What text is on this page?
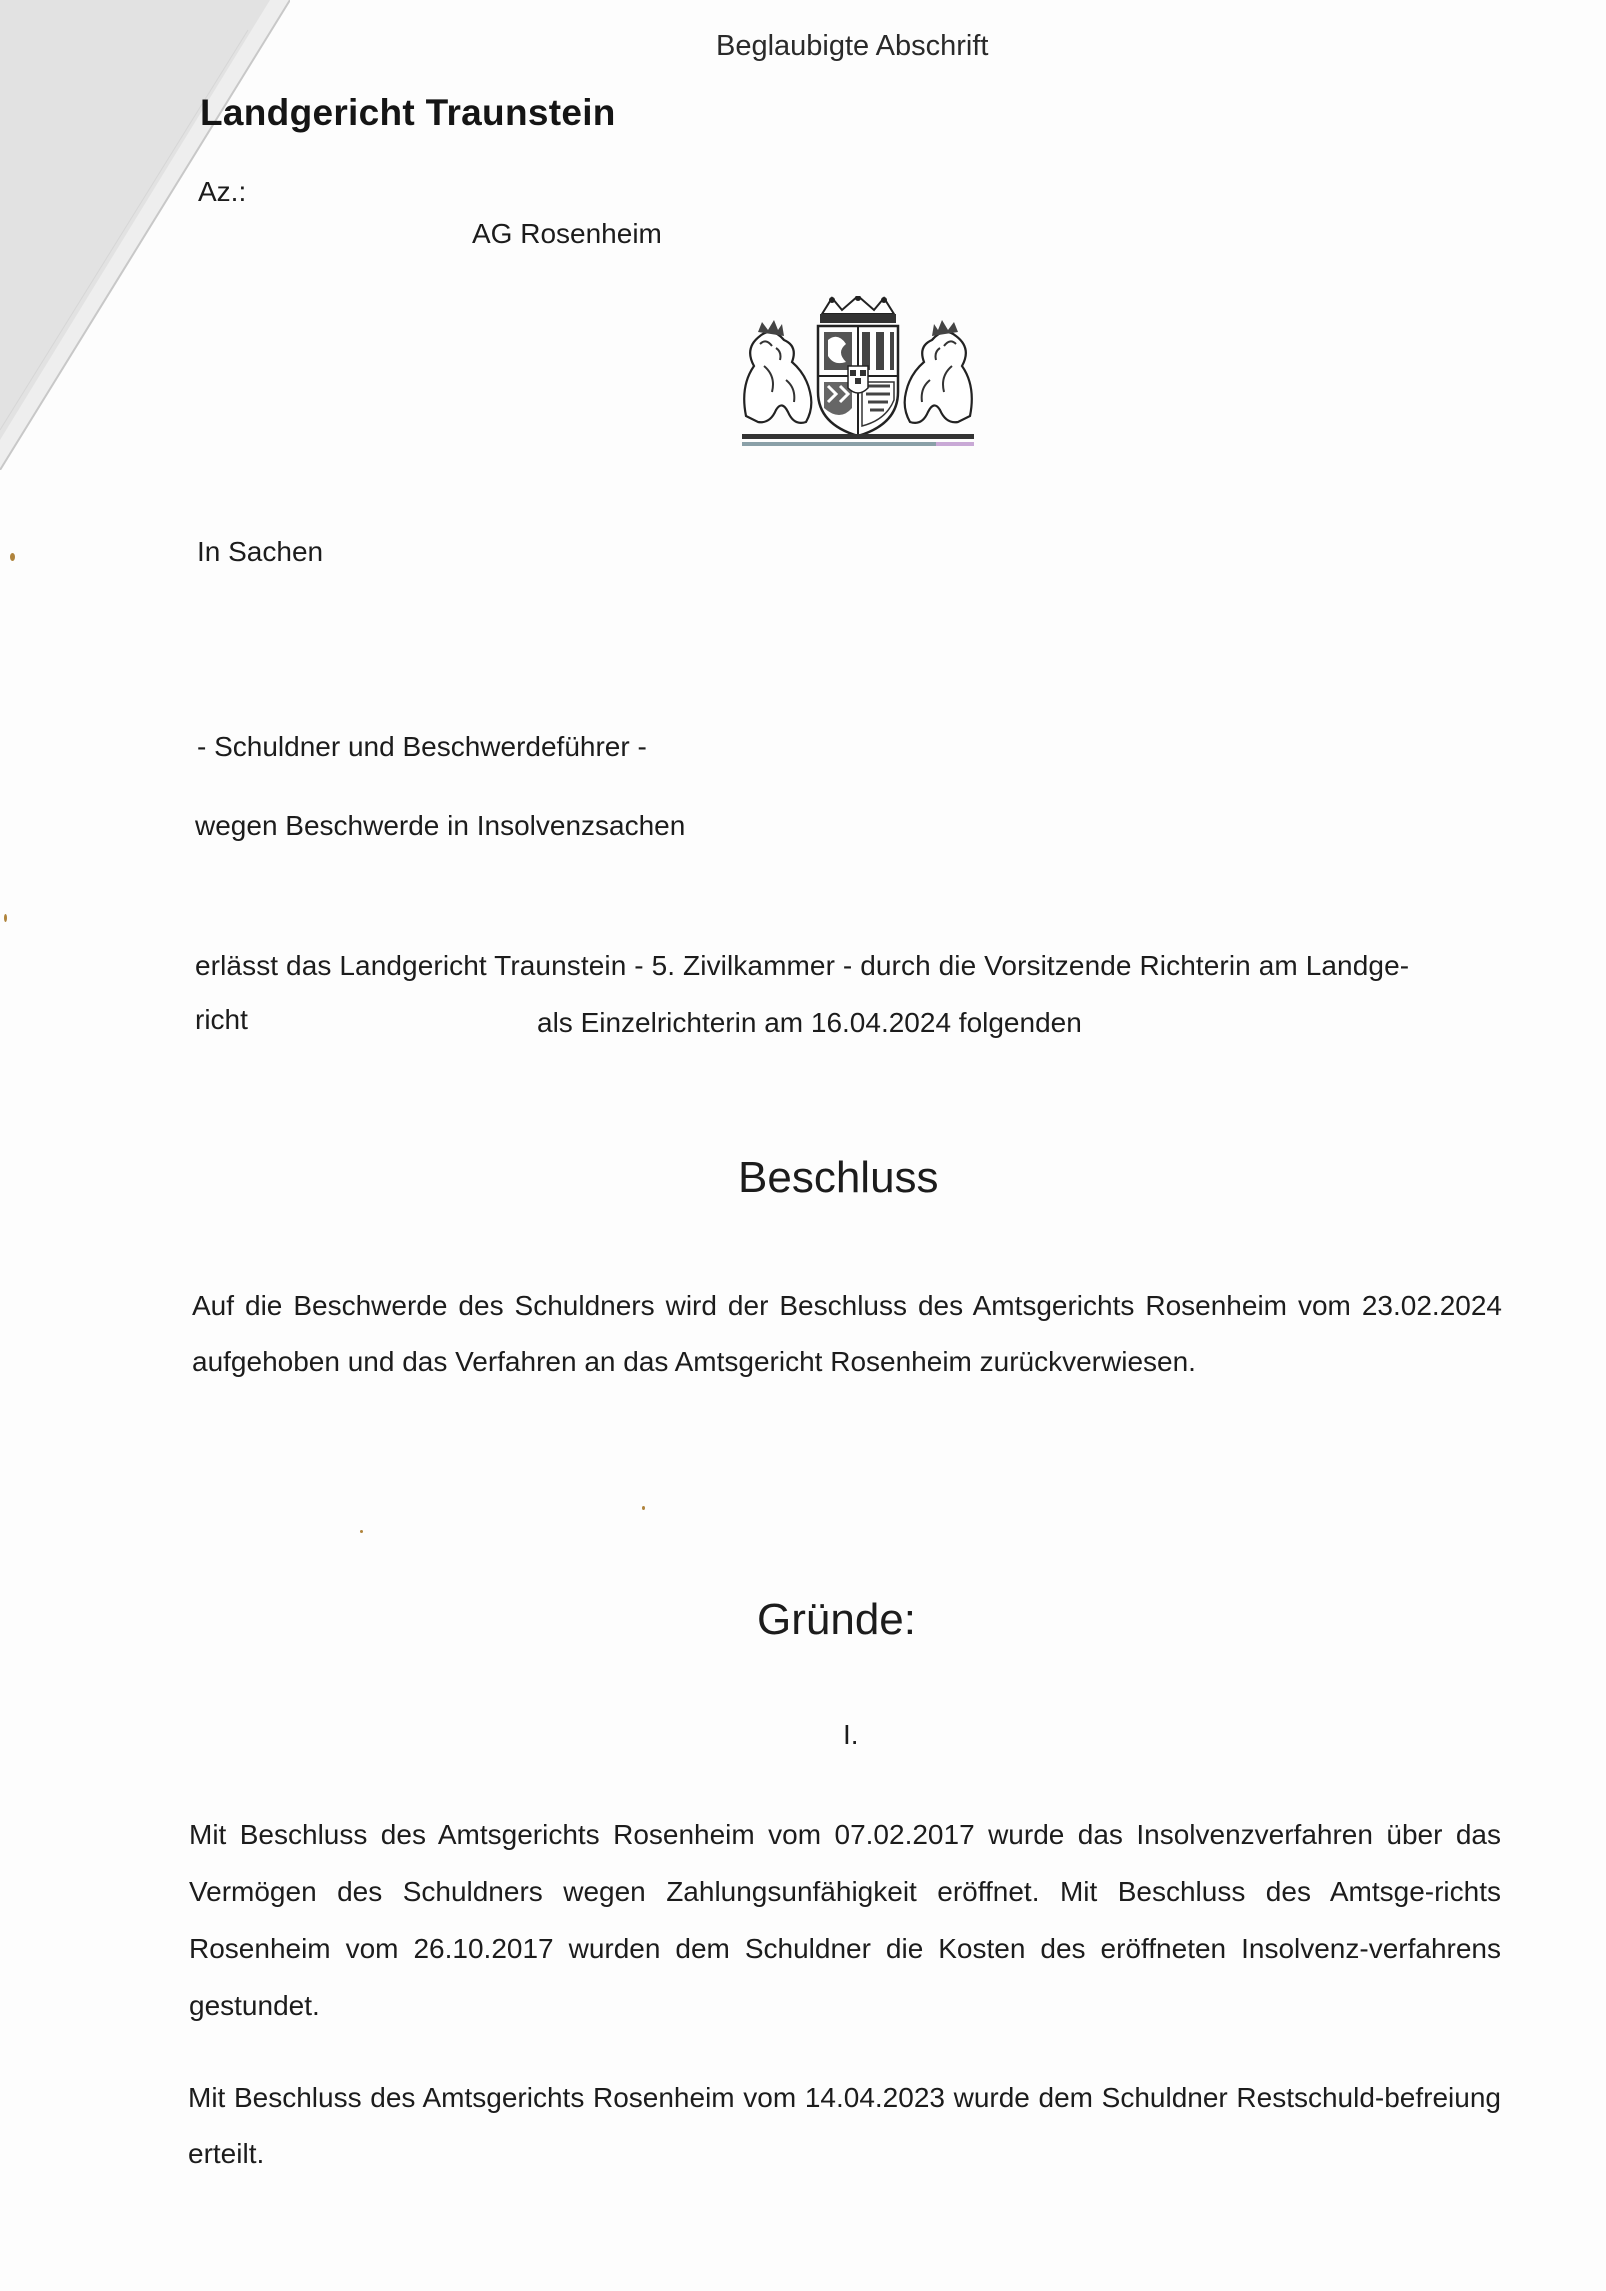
Beglaubigte Abschrift
Landgericht Traunstein
Az.:
AG Rosenheim
In Sachen
- Schuldner und Beschwerdeführer -
wegen Beschwerde in Insolvenzsachen
erlässt das Landgericht Traunstein - 5. Zivilkammer - durch die Vorsitzende Richterin am Landge-
richt	als Einzelrichterin am 16.04.2024 folgenden
Beschluss
Auf die Beschwerde des Schuldners wird der Beschluss des Amtsgerichts Rosenheim vom 23.02.2024 aufgehoben und das Verfahren an das Amtsgericht Rosenheim zurückverwiesen.
Gründe:
I.
Mit Beschluss des Amtsgerichts Rosenheim vom 07.02.2017 wurde das Insolvenzverfahren über das Vermögen des Schuldners wegen Zahlungsunfähigkeit eröffnet. Mit Beschluss des Amtsge-richts Rosenheim vom 26.10.2017 wurden dem Schuldner die Kosten des eröffneten Insolvenz-verfahrens gestundet.
Mit Beschluss des Amtsgerichts Rosenheim vom 14.04.2023 wurde dem Schuldner Restschuld-befreiung erteilt.
